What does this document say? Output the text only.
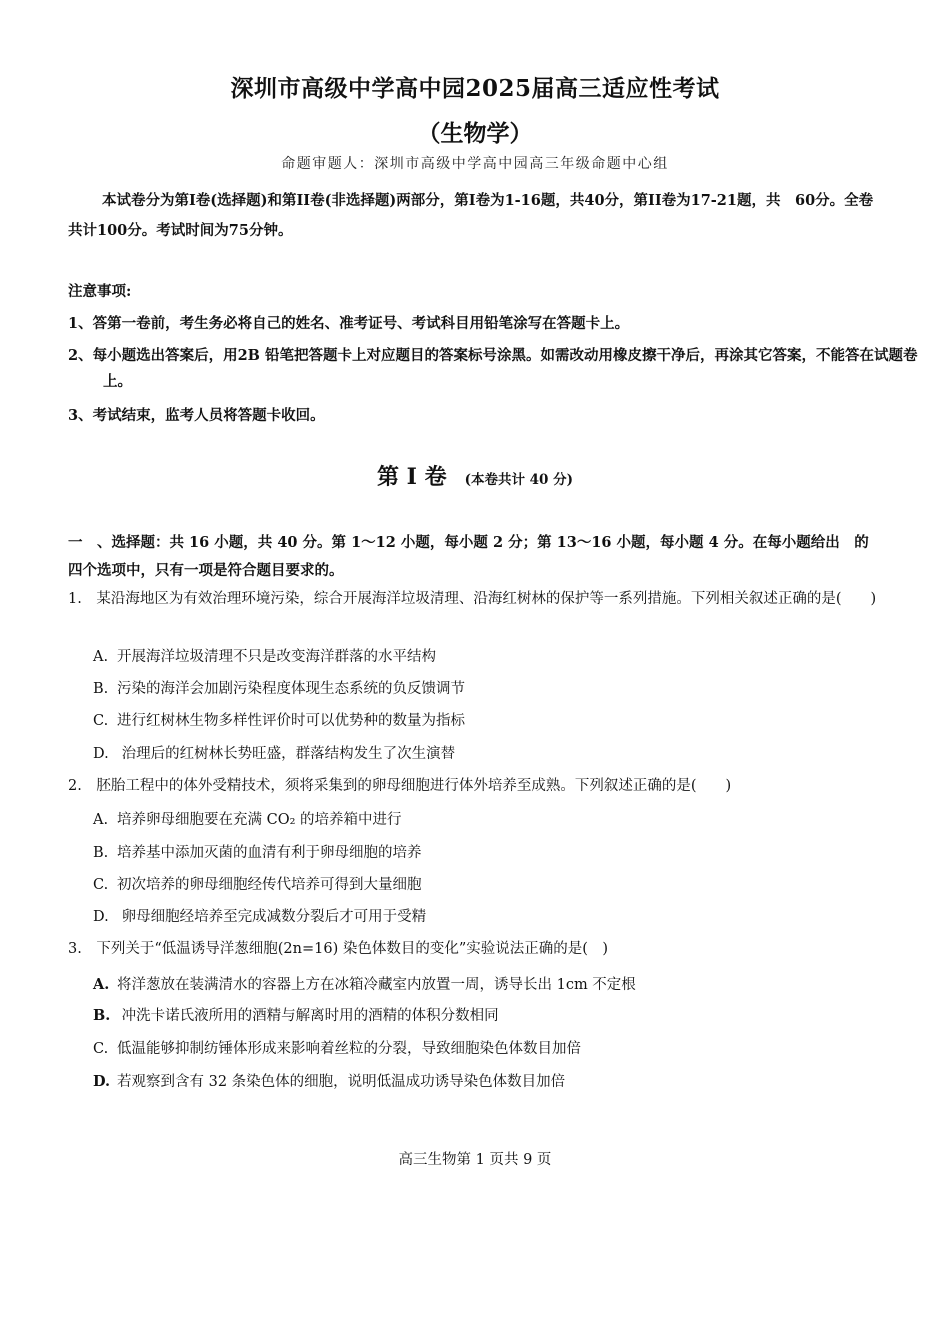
深圳市高级中学高中园2025届高三适应性考试
（生物学）
命题审题人：深圳市高级中学高中园高三年级命题中心组
本试卷分为第I卷(选择题)和第II卷(非选择题)两部分，第I卷为1-16题，共40分，第II卷为17-21题，共　60分。全卷共计100分。考试时间为75分钟。
注意事项:
1、答第一卷前，考生务必将自己的姓名、准考证号、考试科目用铅笔涂写在答题卡上。
2、每小题选出答案后，用2B 铅笔把答题卡上对应题目的答案标号涂黑。如需改动用橡皮擦干净后，再涂其它答案，不能答在试题卷上。
3、考试结束，监考人员将答题卡收回。
第 I 卷 (本卷共计 40 分)
一　、选择题：共 16 小题，共 40 分。第 1～12 小题，每小题 2 分；第 13～16 小题，每小题 4 分。在每小题给出　的四个选项中，只有一项是符合题目要求的。
1.　某沿海地区为有效治理环境污染，综合开展海洋垃圾清理、沿海红树林的保护等一系列措施。下列相关叙述正确的是(　　)
A. 开展海洋垃圾清理不只是改变海洋群落的水平结构
B. 污染的海洋会加剧污染程度体现生态系统的负反馈调节
C. 进行红树林生物多样性评价时可以优势种的数量为指标
D. 治理后的红树林长势旺盛，群落结构发生了次生演替
2.　胚胎工程中的体外受精技术，须将采集到的卵母细胞进行体外培养至成熟。下列叙述正确的是(　　)
A. 培养卵母细胞要在充满 CO₂ 的培养箱中进行
B. 培养基中添加灭菌的血清有利于卵母细胞的培养
C. 初次培养的卵母细胞经传代培养可得到大量细胞
D. 卵母细胞经培养至完成减数分裂后才可用于受精
3.　下列关于“低温诱导洋葱细胞(2n=16) 染色体数目的变化”实验说法正确的是(　)
A. 将洋葱放在装满清水的容器上方在冰箱冷藏室内放置一周，诱导长出 1cm 不定根
B. 冲洗卡诺氏液所用的酒精与解离时用的酒精的体积分数相同
C. 低温能够抑制纺锤体形成来影响着丝粒的分裂，导致细胞染色体数目加倍
D. 若观察到含有 32 条染色体的细胞，说明低温成功诱导染色体数目加倍
高三生物第 1 页共 9 页
